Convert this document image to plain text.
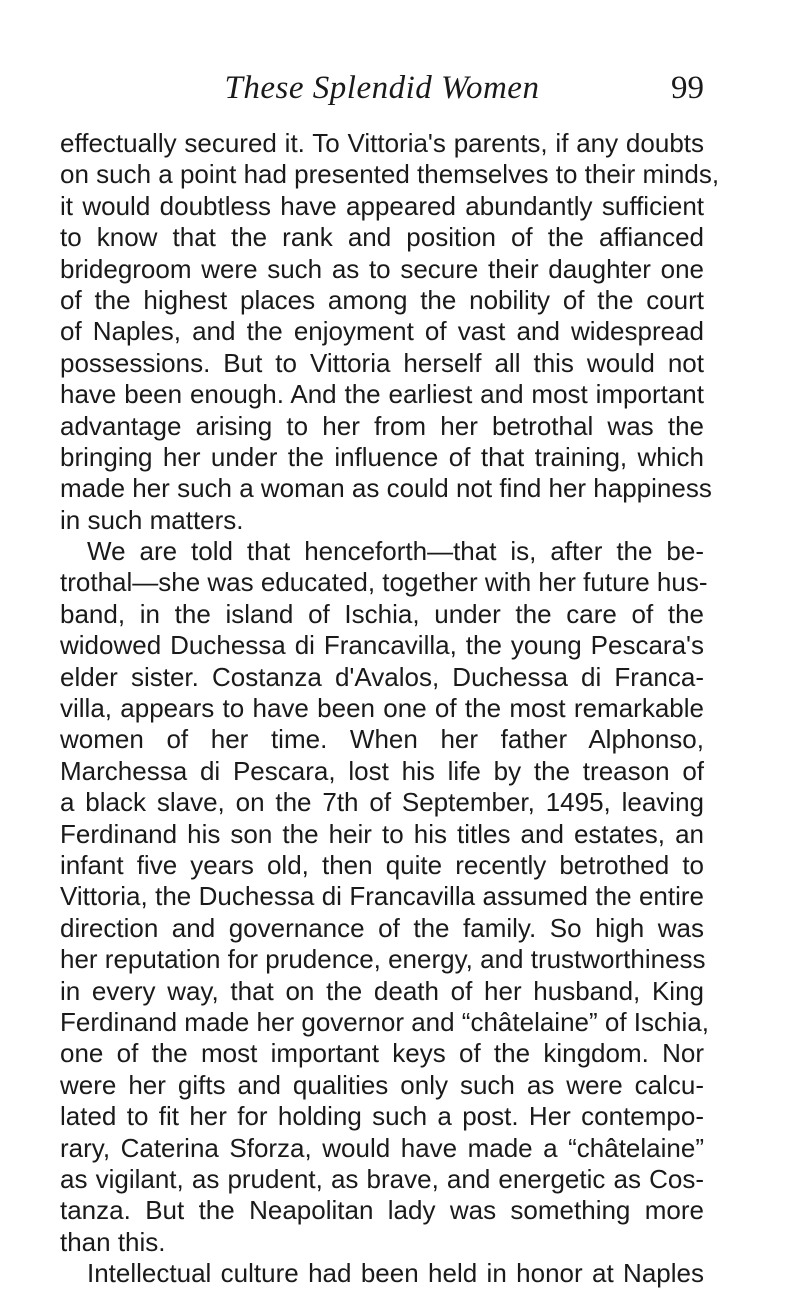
These Splendid Women	99
effectually secured it. To Vittoria's parents, if any doubts
on such a point had presented themselves to their minds,
it would doubtless have appeared abundantly sufficient
to know that the rank and position of the affianced
bridegroom were such as to secure their daughter one
of the highest places among the nobility of the court
of Naples, and the enjoyment of vast and widespread
possessions. But to Vittoria herself all this would not
have been enough. And the earliest and most important
advantage arising to her from her betrothal was the
bringing her under the influence of that training, which
made her such a woman as could not find her happiness
in such matters.
We are told that henceforth—that is, after the be-
trothal—she was educated, together with her future hus-
band, in the island of Ischia, under the care of the
widowed Duchessa di Francavilla, the young Pescara's
elder sister. Costanza d'Avalos, Duchessa di Franca-
villa, appears to have been one of the most remarkable
women of her time. When her father Alphonso,
Marchessa di Pescara, lost his life by the treason of
a black slave, on the 7th of September, 1495, leaving
Ferdinand his son the heir to his titles and estates, an
infant five years old, then quite recently betrothed to
Vittoria, the Duchessa di Francavilla assumed the entire
direction and governance of the family. So high was
her reputation for prudence, energy, and trustworthiness
in every way, that on the death of her husband, King
Ferdinand made her governor and “châtelaine” of Ischia,
one of the most important keys of the kingdom. Nor
were her gifts and qualities only such as were calcu-
lated to fit her for holding such a post. Her contempo-
rary, Caterina Sforza, would have made a “châtelaine”
as vigilant, as prudent, as brave, and energetic as Cos-
tanza. But the Neapolitan lady was something more
than this.
Intellectual culture had been held in honor at Naples
